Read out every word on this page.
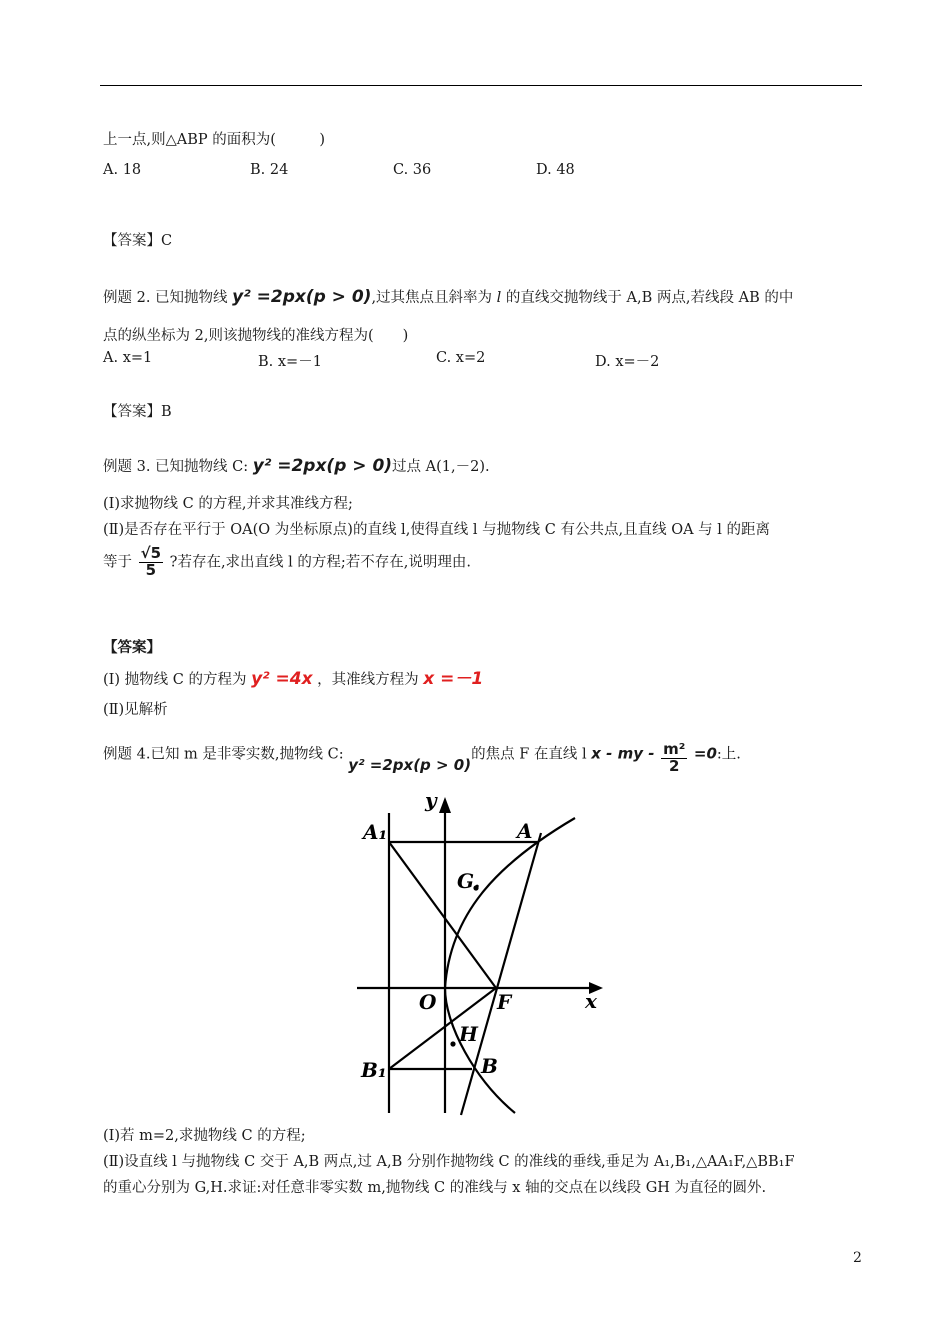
上一点,则△ABP 的面积为(　　　)
A. 18	B. 24	C. 36	D. 48
【答案】C
例题 2. 已知抛物线 y² =2px(p > 0),过其焦点且斜率为 l 的直线交抛物线于 A,B 两点,若线段 AB 的中
点的纵坐标为 2,则该抛物线的准线方程为(　　)
A. x=1	B. x=－1	C. x=2	D. x=－2
【答案】B
例题 3. 已知抛物线 C: y² =2px(p > 0)过点 A(1,－2).
(Ⅰ)求抛物线 C 的方程,并求其准线方程;
(Ⅱ)是否存在平行于 OA(O 为坐标原点)的直线 l,使得直线 l 与抛物线 C 有公共点,且直线 OA 与 l 的距离
等于 $\frac{√5}{5}$ ?若存在,求出直线 l 的方程;若不存在,说明理由.
【答案】
(Ⅰ) 抛物线 C 的方程为 y² =4x ，其准线方程为 x =－1
(Ⅱ)见解析
例题 4.已知 m 是非零实数,抛物线 C: y² =2px(p > 0)的焦点 F 在直线 l x - my - $\frac{\text{m²}}{2} =0$:上.
y
x
O	F
A₁	A
G.
H
B₁	B
(Ⅰ)若 m=2,求抛物线 C 的方程;
(Ⅱ)设直线 l 与抛物线 C 交于 A,B 两点,过 A,B 分别作抛物线 C 的准线的垂线,垂足为 A₁,B₁,△AA₁F,△BB₁F
的重心分别为 G,H.求证:对任意非零实数 m,抛物线 C 的准线与 x 轴的交点在以线段 GH 为直径的圆外.
2
